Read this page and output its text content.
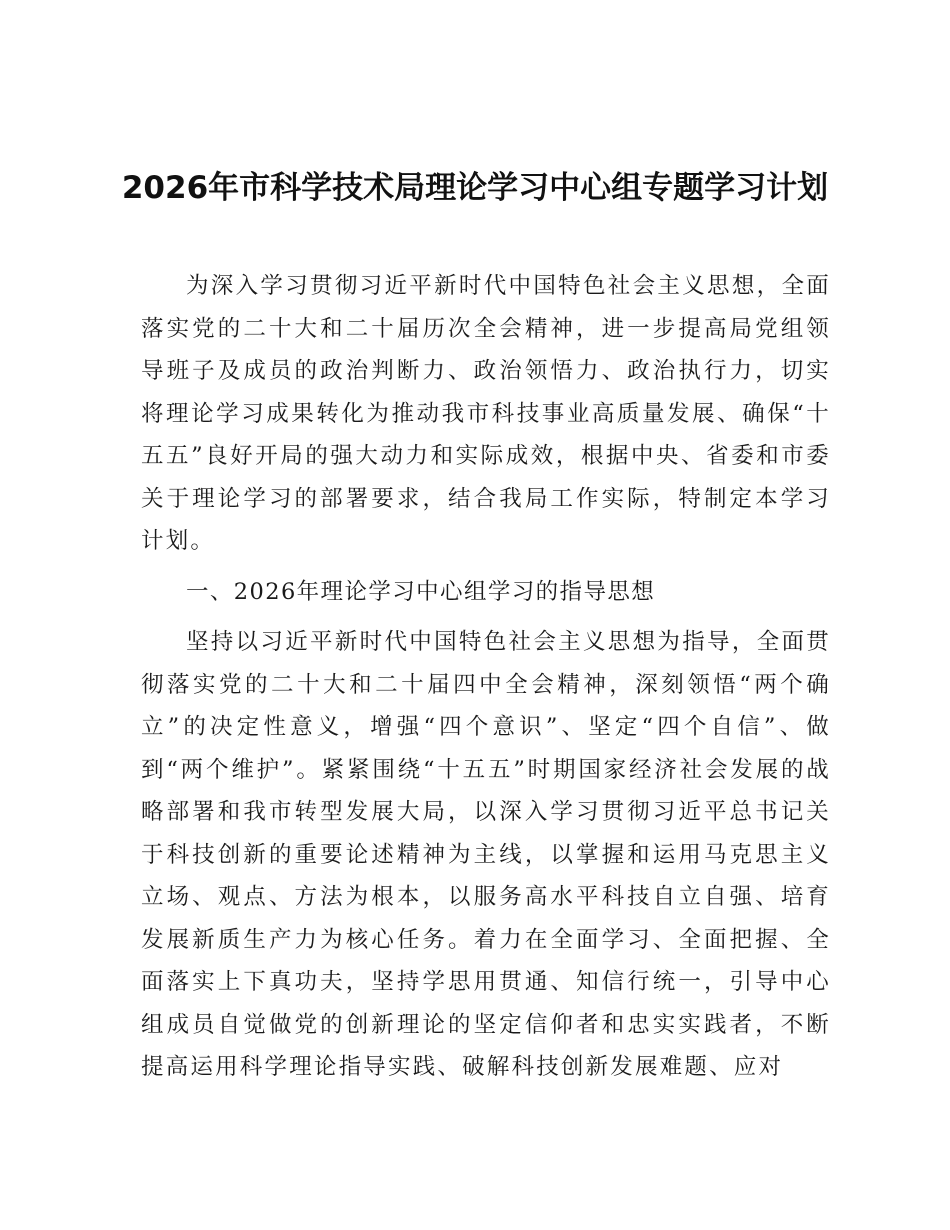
2026年市科学技术局理论学习中心组专题学习计划

为深入学习贯彻习近平新时代中国特色社会主义思想，全面落实党的二十大和二十届历次全会精神，进一步提高局党组领导班子及成员的政治判断力、政治领悟力、政治执行力，切实将理论学习成果转化为推动我市科技事业高质量发展、确保“十五五”良好开局的强大动力和实际成效，根据中央、省委和市委关于理论学习的部署要求，结合我局工作实际，特制定本学习计划。

一、2026年理论学习中心组学习的指导思想

坚持以习近平新时代中国特色社会主义思想为指导，全面贯彻落实党的二十大和二十届四中全会精神，深刻领悟“两个确立”的决定性意义，增强“四个意识”、坚定“四个自信”、做到“两个维护”。紧紧围绕“十五五”时期国家经济社会发展的战略部署和我市转型发展大局，以深入学习贯彻习近平总书记关于科技创新的重要论述精神为主线，以掌握和运用马克思主义立场、观点、方法为根本，以服务高水平科技自立自强、培育发展新质生产力为核心任务。着力在全面学习、全面把握、全面落实上下真功夫，坚持学思用贯通、知信行统一，引导中心组成员自觉做党的创新理论的坚定信仰者和忠实实践者，不断提高运用科学理论指导实践、破解科技创新发展难题、应对
